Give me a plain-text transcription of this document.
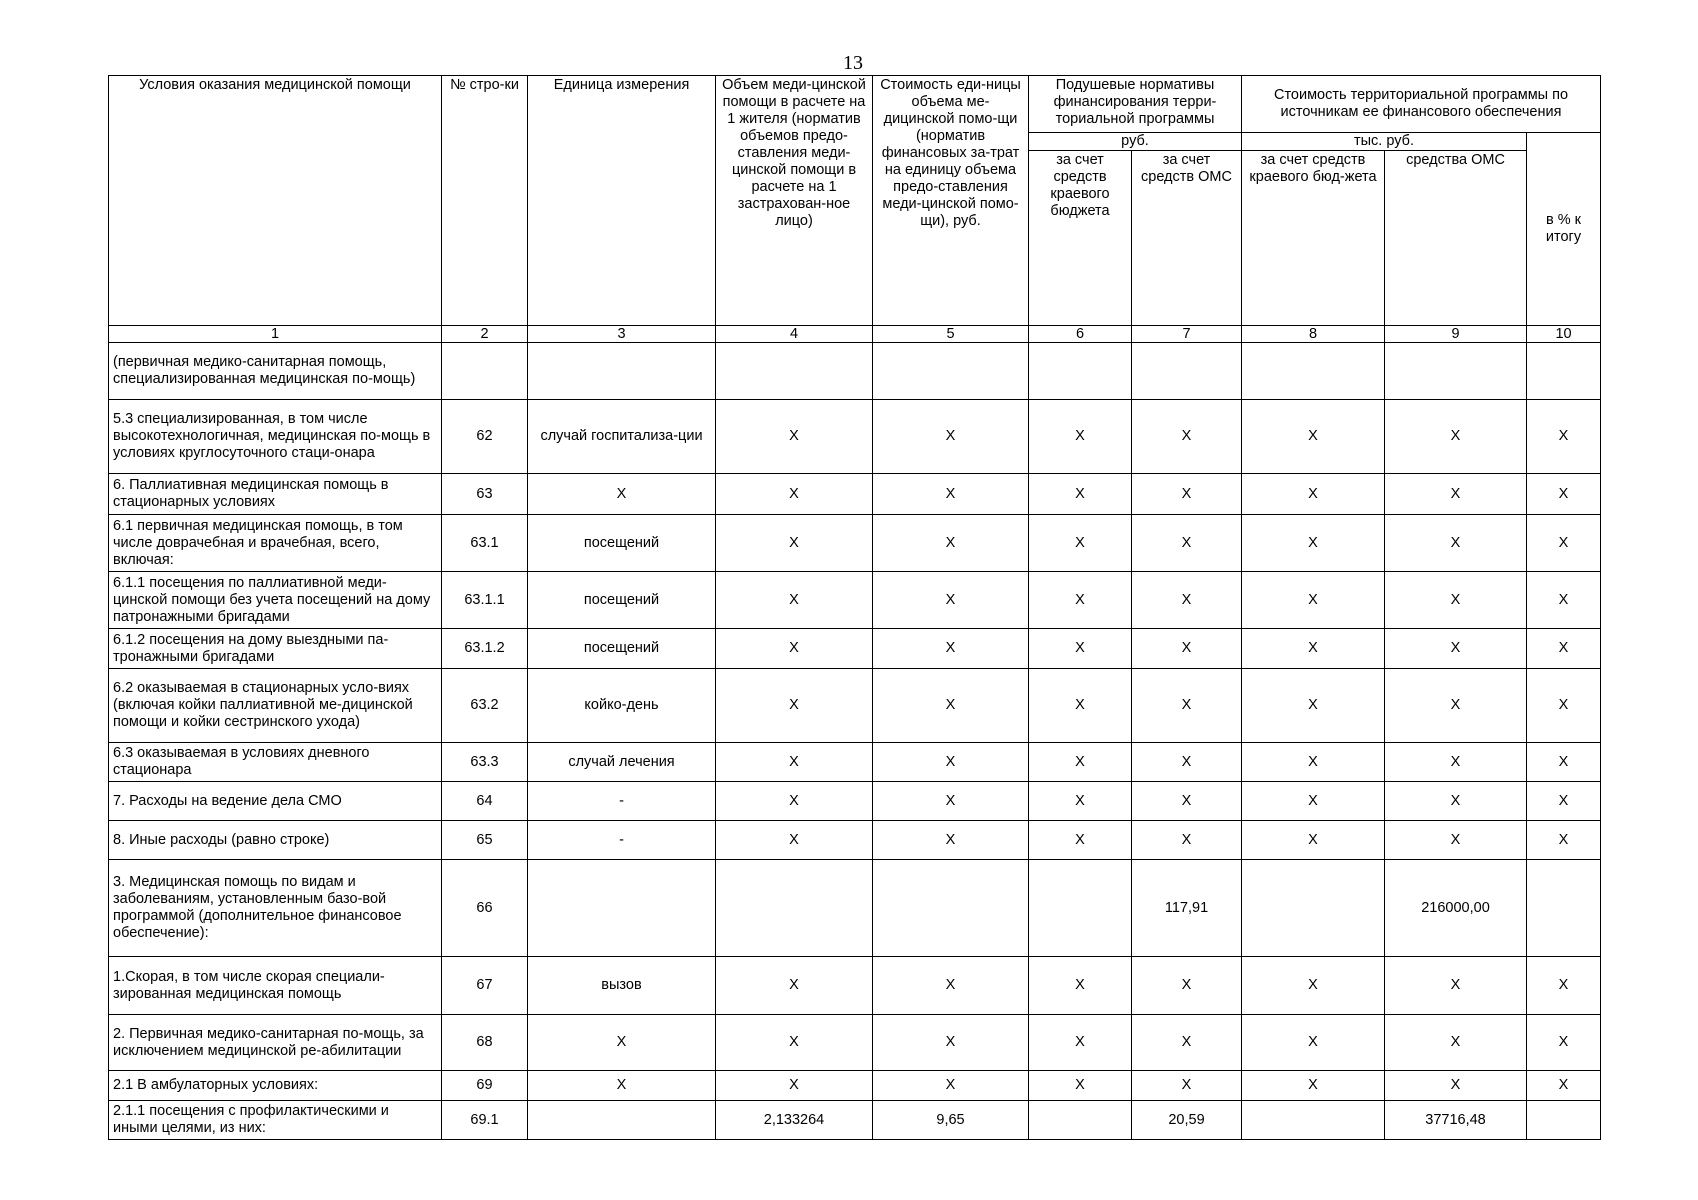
13
Условия оказания медицинской помощи	№ стро-ки	Единица измерения	Объем меди-цинской помощи в расчете на 1 жителя (норматив объемов предо-ставления меди-цинской помощи в расчете на 1 застрахован-ное лицо)	Стоимость еди-ницы объема ме-дицинской помо-щи (норматив финансовых за-трат на единицу объема предо-ставления меди-цинской помо-щи), руб.	Подушевые нормативы финансирования терри-ториальной программы		Стоимость территориальной программы по источникам ее финансового обеспечения		
					руб.		тыс. руб.		в % к итогу
					за счет средств краевого бюджета	за счет средств ОМС	за счет средств краевого бюд-жета	средства ОМС	
1	2	3	4	5	6	7	8	9	10
(первичная медико-санитарная помощь, специализированная медицинская по-мощь)									
5.3 специализированная, в том числе высокотехнологичная, медицинская по-мощь в условиях круглосуточного стаци-онара	62	случай госпитализа-ции	X	X	X	X	X	X	X
6. Паллиативная медицинская помощь в стационарных условиях	63	X	X	X	X	X	X	X	X
6.1 первичная медицинская помощь, в том числе доврачебная и врачебная, всего, включая:	63.1	посещений	X	X	X	X	X	X	X
6.1.1 посещения по паллиативной меди-цинской помощи без учета посещений на дому патронажными бригадами	63.1.1	посещений	X	X	X	X	X	X	X
6.1.2 посещения на дому выездными па-тронажными бригадами	63.1.2	посещений	X	X	X	X	X	X	X
6.2 оказываемая в стационарных усло-виях (включая койки паллиативной ме-дицинской помощи и койки сестринского ухода)	63.2	койко-день	X	X	X	X	X	X	X
6.3 оказываемая в условиях дневного стационара	63.3	случай лечения	X	X	X	X	X	X	X
7. Расходы на ведение дела СМО	64	-	X	X	X	X	X	X	X
8. Иные расходы (равно строке)	65	-	X	X	X	X	X	X	X
3. Медицинская помощь по видам и заболеваниям, установленным базо-вой программой (дополнительное финансовое обеспечение):	66					117,91		216000,00	
1.Скорая, в том числе скорая специали-зированная медицинская помощь	67	вызов	X	X	X	X	X	X	X
2. Первичная медико-санитарная по-мощь, за исключением медицинской ре-абилитации	68	X	X	X	X	X	X	X	X
2.1 В амбулаторных условиях:	69	X	X	X	X	X	X	X	X
2.1.1 посещения с профилактическими и иными целями, из них:	69.1		2,133264	9,65		20,59		37716,48	
